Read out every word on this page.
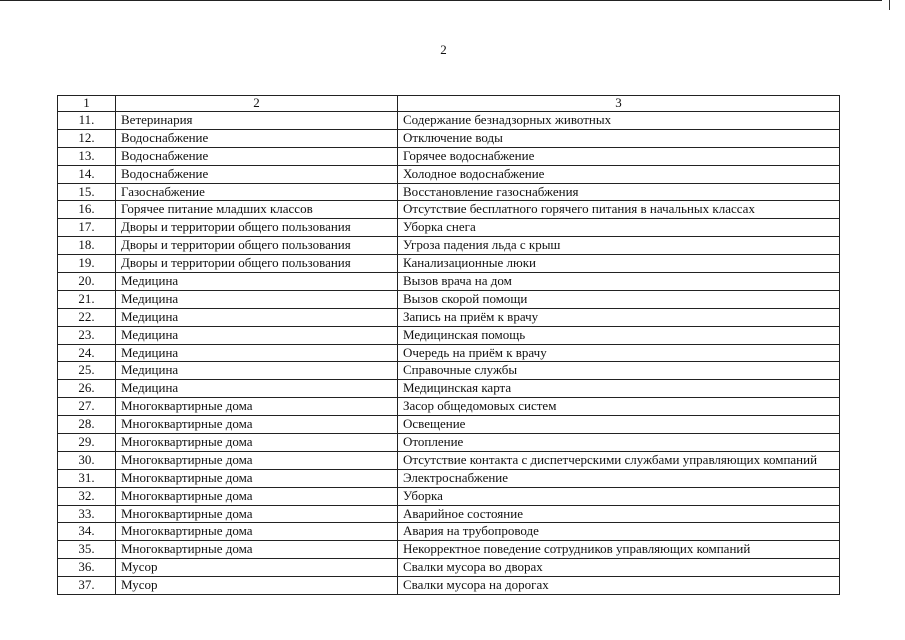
2
1	2	3
11.	Ветеринария	Содержание безнадзорных животных
12.	Водоснабжение	Отключение воды
13.	Водоснабжение	Горячее водоснабжение
14.	Водоснабжение	Холодное водоснабжение
15.	Газоснабжение	Восстановление газоснабжения
16.	Горячее питание младших классов	Отсутствие бесплатного горячего питания в начальных классах
17.	Дворы и территории общего пользования	Уборка снега
18.	Дворы и территории общего пользования	Угроза падения льда с крыш
19.	Дворы и территории общего пользования	Канализационные люки
20.	Медицина	Вызов врача на дом
21.	Медицина	Вызов скорой помощи
22.	Медицина	Запись на приём к врачу
23.	Медицина	Медицинская помощь
24.	Медицина	Очередь на приём к врачу
25.	Медицина	Справочные службы
26.	Медицина	Медицинская карта
27.	Многоквартирные дома	Засор общедомовых систем
28.	Многоквартирные дома	Освещение
29.	Многоквартирные дома	Отопление
30.	Многоквартирные дома	Отсутствие контакта с диспетчерскими службами управляющих компаний
31.	Многоквартирные дома	Электроснабжение
32.	Многоквартирные дома	Уборка
33.	Многоквартирные дома	Аварийное состояние
34.	Многоквартирные дома	Авария на трубопроводе
35.	Многоквартирные дома	Некорректное поведение сотрудников управляющих компаний
36.	Мусор	Свалки мусора во дворах
37.	Мусор	Свалки мусора на дорогах
